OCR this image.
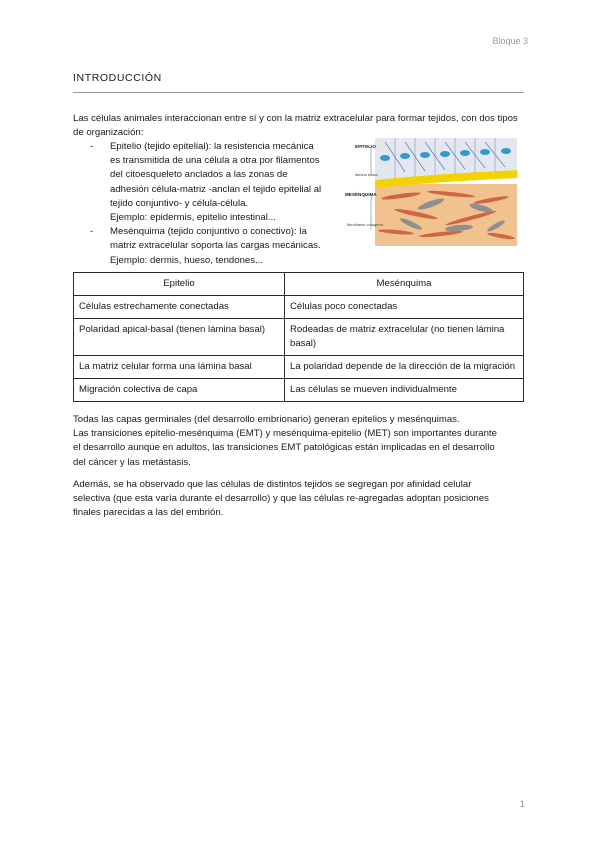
Bloque 3
INTRODUCCIÓN
Las células animales interaccionan entre sí y con la matriz extracelular para formar tejidos, con dos tipos de organización:
- Epitelio (tejido epitelial): la resistencia mecánica
es transmitida de una célula a otra por filamentos
del citoesqueleto anclados a las zonas de
adhesión célula-matriz -anclan el tejido epitelial al
tejido conjuntivo- y célula-célula.
Ejemplo: epidermis, epitelio intestinal...
- Mesénquima (tejido conjuntivo o conectivo): la
matriz extracelular soporta las cargas mecánicas.
Ejemplo: dermis, hueso, tendones...
EPITELIO
lámina basal
MESÉNQUIMA
fibroblasto colágeno
Epitelio	Mesénquima
Células estrechamente conectadas	Células poco conectadas
Polaridad apical-basal (tienen lámina basal)	Rodeadas de matriz extracelular (no tienen lámina basal)
La matriz celular forma una lámina basal	La polaridad depende de la dirección de la migración
Migración colectiva de capa	Las células se mueven individualmente
Todas las capas germinales (del desarrollo embrionario) generan epitelios y mesénquimas.
Las transiciones epitelio-mesénquima (EMT) y mesénquima-epitelio (MET) son importantes durante
el desarrollo aunque en adultos, las transiciones EMT patológicas están implicadas en el desarrollo
del cáncer y las metástasis.
Además, se ha observado que las células de distintos tejidos se segregan por afinidad celular
selectiva (que esta varía durante el desarrollo) y que las células re-agregadas adoptan posiciones
finales parecidas a las del embrión.
1
